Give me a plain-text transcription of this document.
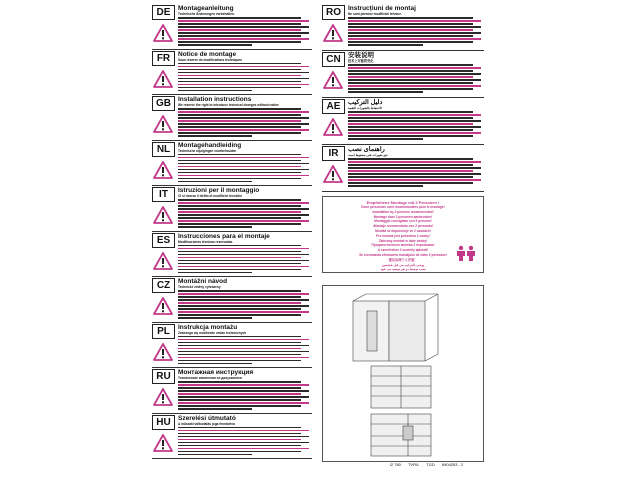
DE	Montageanleitung
Technische Änderungen vorbehalten.
FR	Notice de montage
Sous réserve de modifications techniques
GB	Installation instructions
We reserve the right to introduce technical changes without notice
NL	Montagehandleiding
Technische wijzigingen voorbehouden
IT	Istruzioni per il montaggio
Ci si riserva il diritto di modifiche tecniche
ES	Instrucciones para el montaje
Modificaciones técnicas reservadas
CZ	Montážní návod
Technické změny vyhrazeny
PL	Instrukcja montażu
Zastrzega się możliwość zmian technicznych
RU	Монтажная инструкция
Технические изменения не допускаются
HU	Szerelési útmutató
A műszaki változtatás joga fenntartva
RO	Instrucțiuni de montaj
Ne sunt permise modificări tehnice.
CN	安装说明
技术上可能的变化
AE	دليل التركيب
الاحتفاظ بالتغييرات التقنية
IR	راهنمای نصب
حق تغییرات فنی محفوظ است
Empfohlene Montage mit 2 Personen !
Deux personnes sont recommandées pour le montage!
Installation by 2 persons recommended!
Montage door 2 personen aanbevolen!
Montaggio consigliato con 2 persone!
¡Montaje recomendado con 2 personas!
Montáž se doporučuje ve 2 osobách!
Pro montaż jest potrzebna 2 osoby!
Zalecany montaż w dwie osoby!
Предпочтительно монтаж 2 персонами!
A szereléshez 2 személy ajánlott!
Se recomanda efectuarea montajului de către 2 persoane!
建议由两个人安装！
يوصى بالتركيب من قبل شخصين
نصب توسط دو نفر توصیه می شود
l2 780 TVR/L TGD 6904253 - 2
